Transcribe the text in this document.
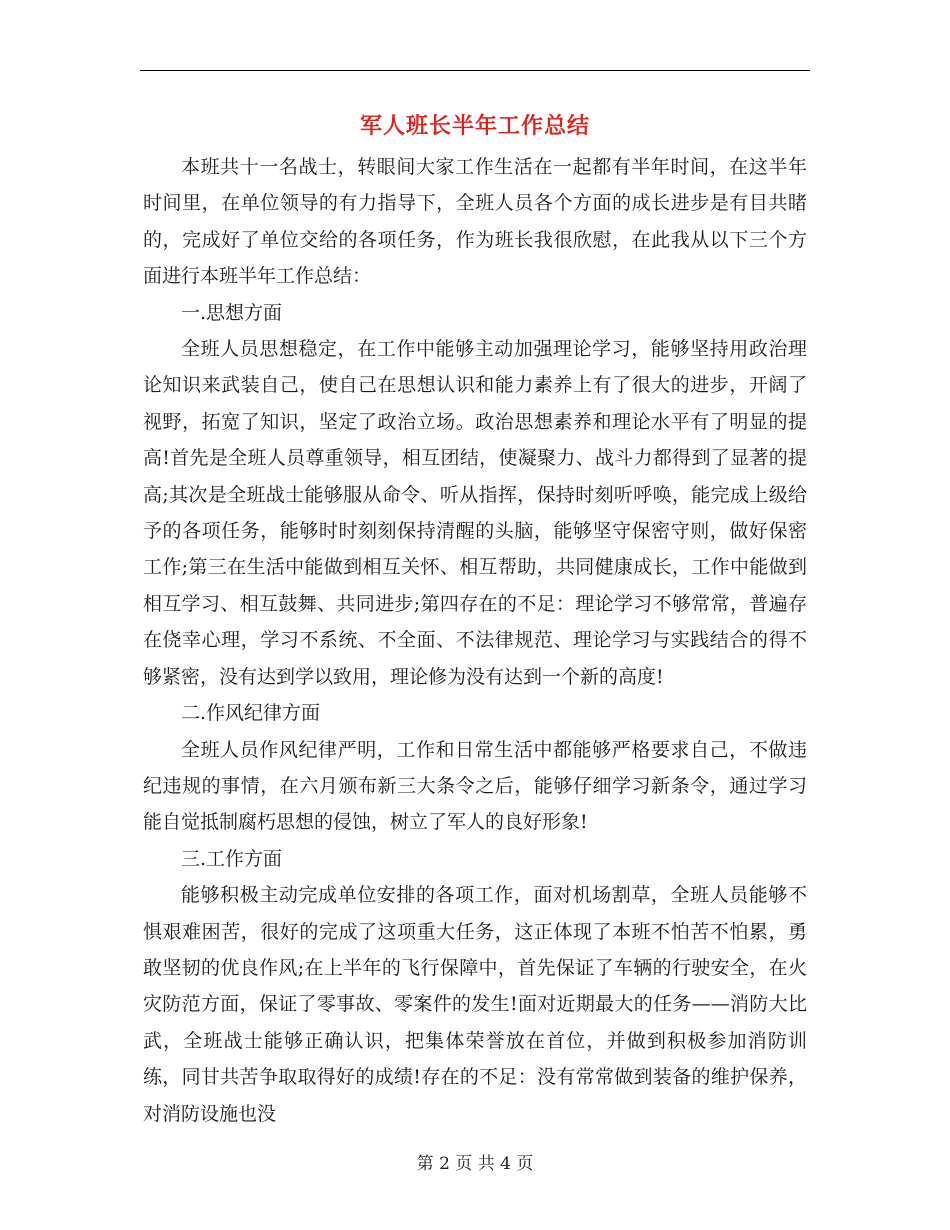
军人班长半年工作总结

本班共十一名战士，转眼间大家工作生活在一起都有半年时间，在这半年时间里，在单位领导的有力指导下，全班人员各个方面的成长进步是有目共睹的，完成好了单位交给的各项任务，作为班长我很欣慰，在此我从以下三个方面进行本班半年工作总结：

一.思想方面

全班人员思想稳定，在工作中能够主动加强理论学习，能够坚持用政治理论知识来武装自己，使自己在思想认识和能力素养上有了很大的进步，开阔了视野，拓宽了知识，坚定了政治立场。政治思想素养和理论水平有了明显的提高!首先是全班人员尊重领导，相互团结，使凝聚力、战斗力都得到了显著的提高;其次是全班战士能够服从命令、听从指挥，保持时刻听呼唤，能完成上级给予的各项任务，能够时时刻刻保持清醒的头脑，能够坚守保密守则，做好保密工作;第三在生活中能做到相互关怀、相互帮助，共同健康成长，工作中能做到相互学习、相互鼓舞、共同进步;第四存在的不足：理论学习不够常常，普遍存在侥幸心理，学习不系统、不全面、不法律规范、理论学习与实践结合的得不够紧密，没有达到学以致用，理论修为没有达到一个新的高度!

二.作风纪律方面

全班人员作风纪律严明，工作和日常生活中都能够严格要求自己，不做违纪违规的事情，在六月颁布新三大条令之后，能够仔细学习新条令，通过学习能自觉抵制腐朽思想的侵蚀，树立了军人的良好形象!

三.工作方面

能够积极主动完成单位安排的各项工作，面对机场割草，全班人员能够不惧艰难困苦，很好的完成了这项重大任务，这正体现了本班不怕苦不怕累，勇敢坚韧的优良作风;在上半年的飞行保障中，首先保证了车辆的行驶安全，在火灾防范方面，保证了零事故、零案件的发生!面对近期最大的任务——消防大比武，全班战士能够正确认识，把集体荣誉放在首位，并做到积极参加消防训练，同甘共苦争取取得好的成绩!存在的不足：没有常常做到装备的维护保养，对消防设施也没

第 2 页 共 4 页
